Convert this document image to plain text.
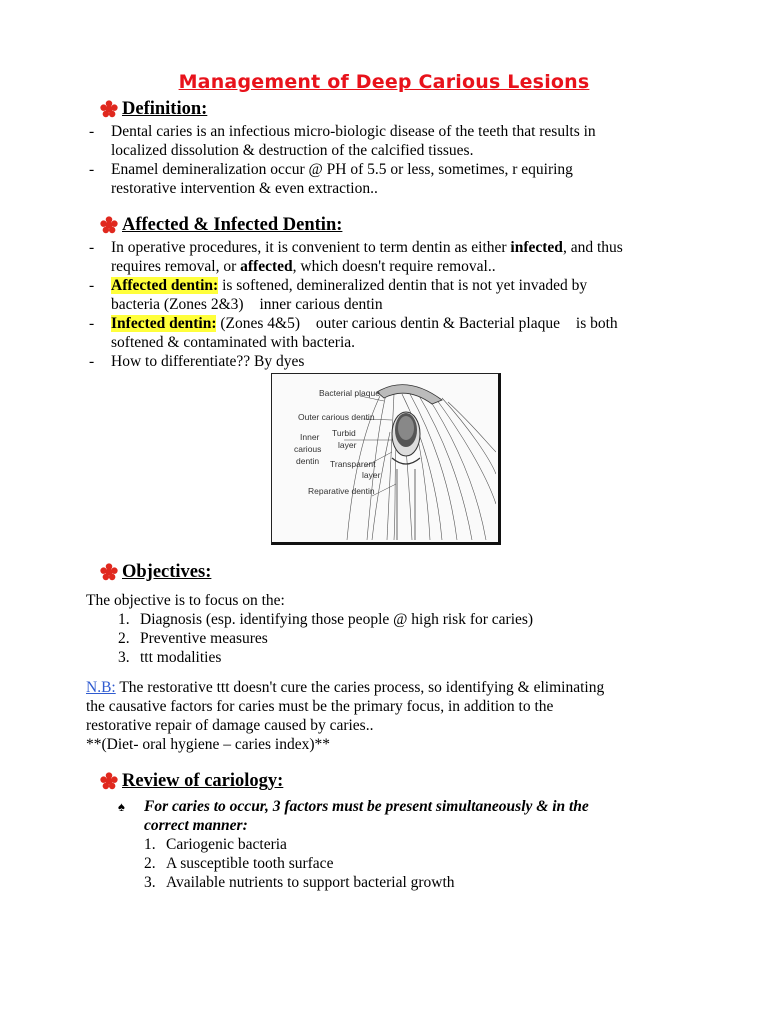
Management of Deep Carious Lesions
Definition:
- Dental caries is an infectious micro-biologic disease of the teeth that results in
localized dissolution & destruction of the calcified tissues.
- Enamel demineralization occur @ PH of 5.5 or less, sometimes, r equiring
restorative intervention & even extraction..
Affected & Infected Dentin:
- In operative procedures, it is convenient to term dentin as either infected, and thus
requires removal, or affected, which doesn't require removal..
- Affected dentin: is softened, demineralized dentin that is not yet invaded by
bacteria (Zones 2&3)  inner carious dentin
- Infected dentin: (Zones 4&5)  outer carious dentin & Bacterial plaque  is both
softened & contaminated with bacteria.
- How to differentiate?? By dyes
Bacterial plaque
Outer carious dentin
Inner
carious
dentin
Turbid
layer
Transparent
layer
Reparative dentin
Objectives:
The objective is to focus on the:
1. Diagnosis (esp. identifying those people @ high risk for caries)
2. Preventive measures
3. ttt modalities
N.B: The restorative ttt doesn't cure the caries process, so identifying & eliminating
the causative factors for caries must be the primary focus, in addition to the
restorative repair of damage caused by caries..
**(Diet- oral hygiene – caries index)**
Review of cariology:
♠ For caries to occur, 3 factors must be present simultaneously & in the
correct manner:
1. Cariogenic bacteria
2. A susceptible tooth surface
3. Available nutrients to support bacterial growth
